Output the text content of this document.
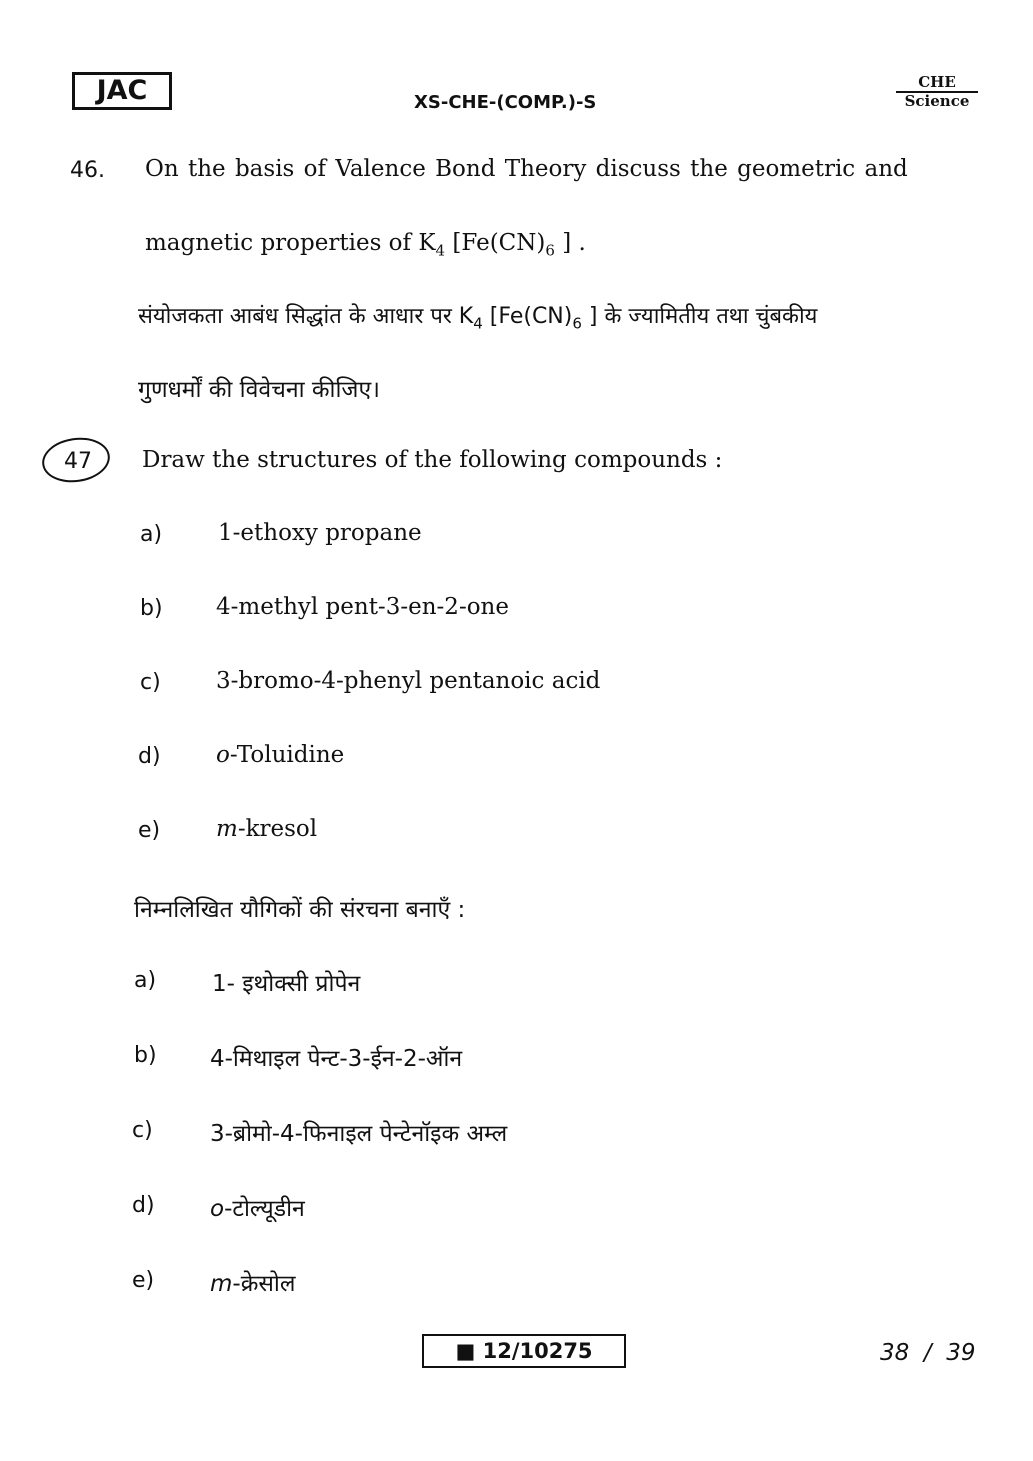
JAC	XS-CHE-(COMP.)-S
CHE
Science
46. On the basis of Valence Bond Theory discuss the geometric and
magnetic properties of $K_4$ [$Fe(CN)_6$ ] .
संयोजकता आबंध सिद्धांत के आधार पर $K_4$ [$Fe(CN)_6$ ] के ज्यामितीय तथा चुंबकीय
गुणधर्मों की विवेचना कीजिए।
47 Draw the structures of the following compounds :
a) 1-ethoxy propane
b) 4-methyl pent-3-en-2-one
c) 3-bromo-4-phenyl pentanoic acid
d) o-Toluidine
e) m-kresol
निम्नलिखित यौगिकों की संरचना बनाएँ :
a) 1- इथोक्सी प्रोपेन
b) 4-मिथाइल पेन्ट-3-ईन-2-ऑन
c) 3-ब्रोमो-4-फिनाइल पेन्टेनॉइक अम्ल
d) o-टोल्यूडीन
e) m-क्रेसोल
■ 12/10275	38  /  39
